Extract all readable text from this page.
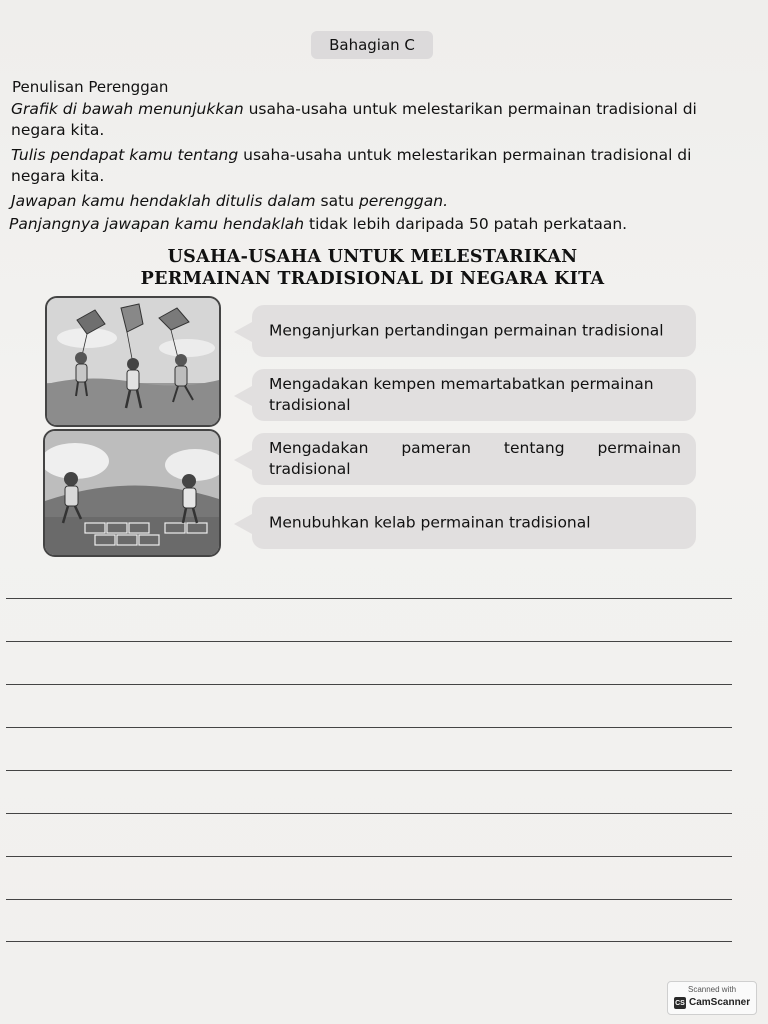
Bahagian C
Penulisan Perenggan
Grafik di bawah menunjukkan usaha-usaha untuk melestarikan permainan tradisional di negara kita.
Tulis pendapat kamu tentang usaha-usaha untuk melestarikan permainan tradisional di negara kita.
Jawapan kamu hendaklah ditulis dalam satu perenggan.
Panjangnya jawapan kamu hendaklah tidak lebih daripada 50 patah perkataan.
USAHA-USAHA UNTUK MELESTARIKAN
PERMAINAN TRADISIONAL DI NEGARA KITA
Menganjurkan pertandingan permainan tradisional
Mengadakan kempen memartabatkan permainan tradisional
Mengadakan pameran tentang permainan tradisional
Menubuhkan kelab permainan tradisional
Scanned with
CS CamScanner
